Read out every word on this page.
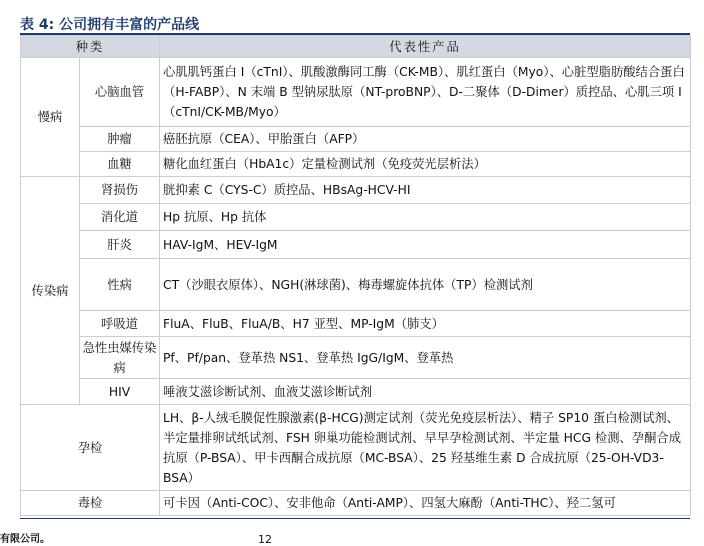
表 4: 公司拥有丰富的产品线
种类		代表性产品
慢病	心脑血管	心肌肌钙蛋白 I（cTnI）、肌酸激酶同工酶（CK-MB）、肌红蛋白（Myo）、心脏型脂肪酸结合蛋白（H-FABP）、N 末端 B 型钠尿肽原（NT-proBNP）、D-二聚体（D-Dimer）质控品、心肌三项 I（cTnI/CK-MB/Myo）
	肿瘤	癌胚抗原（CEA）、甲胎蛋白（AFP）
	血糖	糖化血红蛋白（HbA1c）定量检测试剂（免疫荧光层析法）
传染病	肾损伤	胱抑素 C（CYS-C）质控品、HBsAg-HCV-HI
	消化道	Hp 抗原、Hp 抗体
	肝炎	HAV-IgM、HEV-IgM
	性病	CT（沙眼衣原体）、NGH(淋球菌)、梅毒螺旋体抗体（TP）检测试剂
	呼吸道	FluA、FluB、FluA/B、H7 亚型、MP-IgM（肺支）
	急性虫媒传染病	Pf、Pf/pan、登革热 NS1、登革热 IgG/IgM、登革热
	HIV	唾液艾滋诊断试剂、血液艾滋诊断试剂
孕检		LH、β-人绒毛膜促性腺激素(β-HCG)测定试剂（荧光免疫层析法）、精子 SP10 蛋白检测试剂、半定量排卵试纸试剂、FSH 卵巢功能检测试剂、早早孕检测试剂、半定量 HCG 检测、孕酮合成抗原（P-BSA）、甲卡西酮合成抗原（MC-BSA）、25 羟基维生素 D 合成抗原（25-OH-VD3-BSA）
毒检		可卡因（Anti-COC）、安非他命（Anti-AMP）、四氢大麻酚（Anti-THC）、羟二氢可
有限公司。	12
